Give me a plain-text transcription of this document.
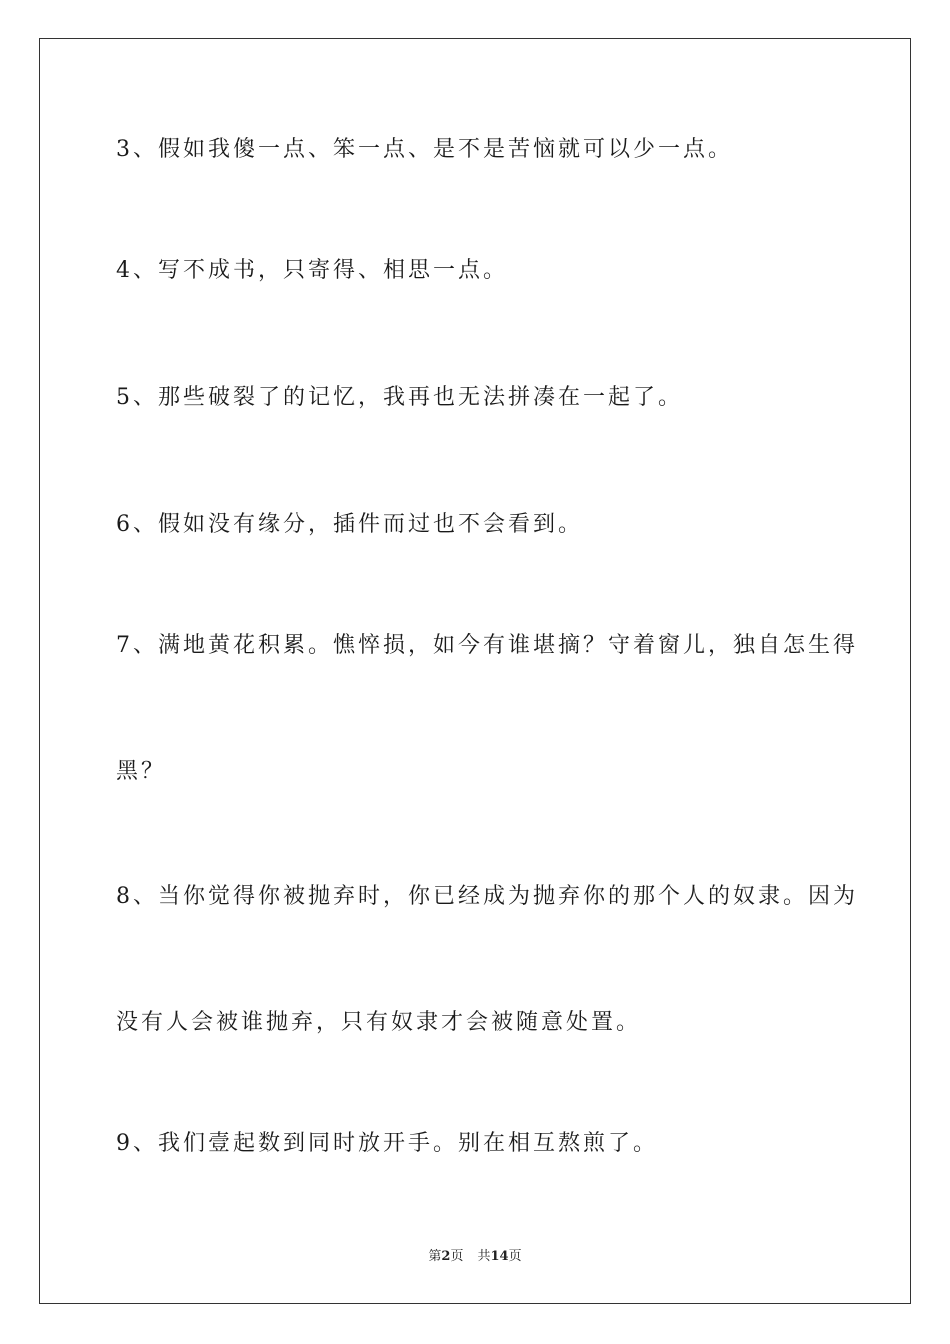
3、假如我傻一点、笨一点、是不是苦恼就可以少一点。
4、写不成书，只寄得、相思一点。
5、那些破裂了的记忆，我再也无法拼凑在一起了。
6、假如没有缘分，插件而过也不会看到。
7、满地黄花积累。憔悴损，如今有谁堪摘？守着窗儿，独自怎生得
黑？
8、当你觉得你被抛弃时，你已经成为抛弃你的那个人的奴隶。因为
没有人会被谁抛弃，只有奴隶才会被随意处置。
9、我们壹起数到同时放开手。别在相互熬煎了。
第2页 共14页
